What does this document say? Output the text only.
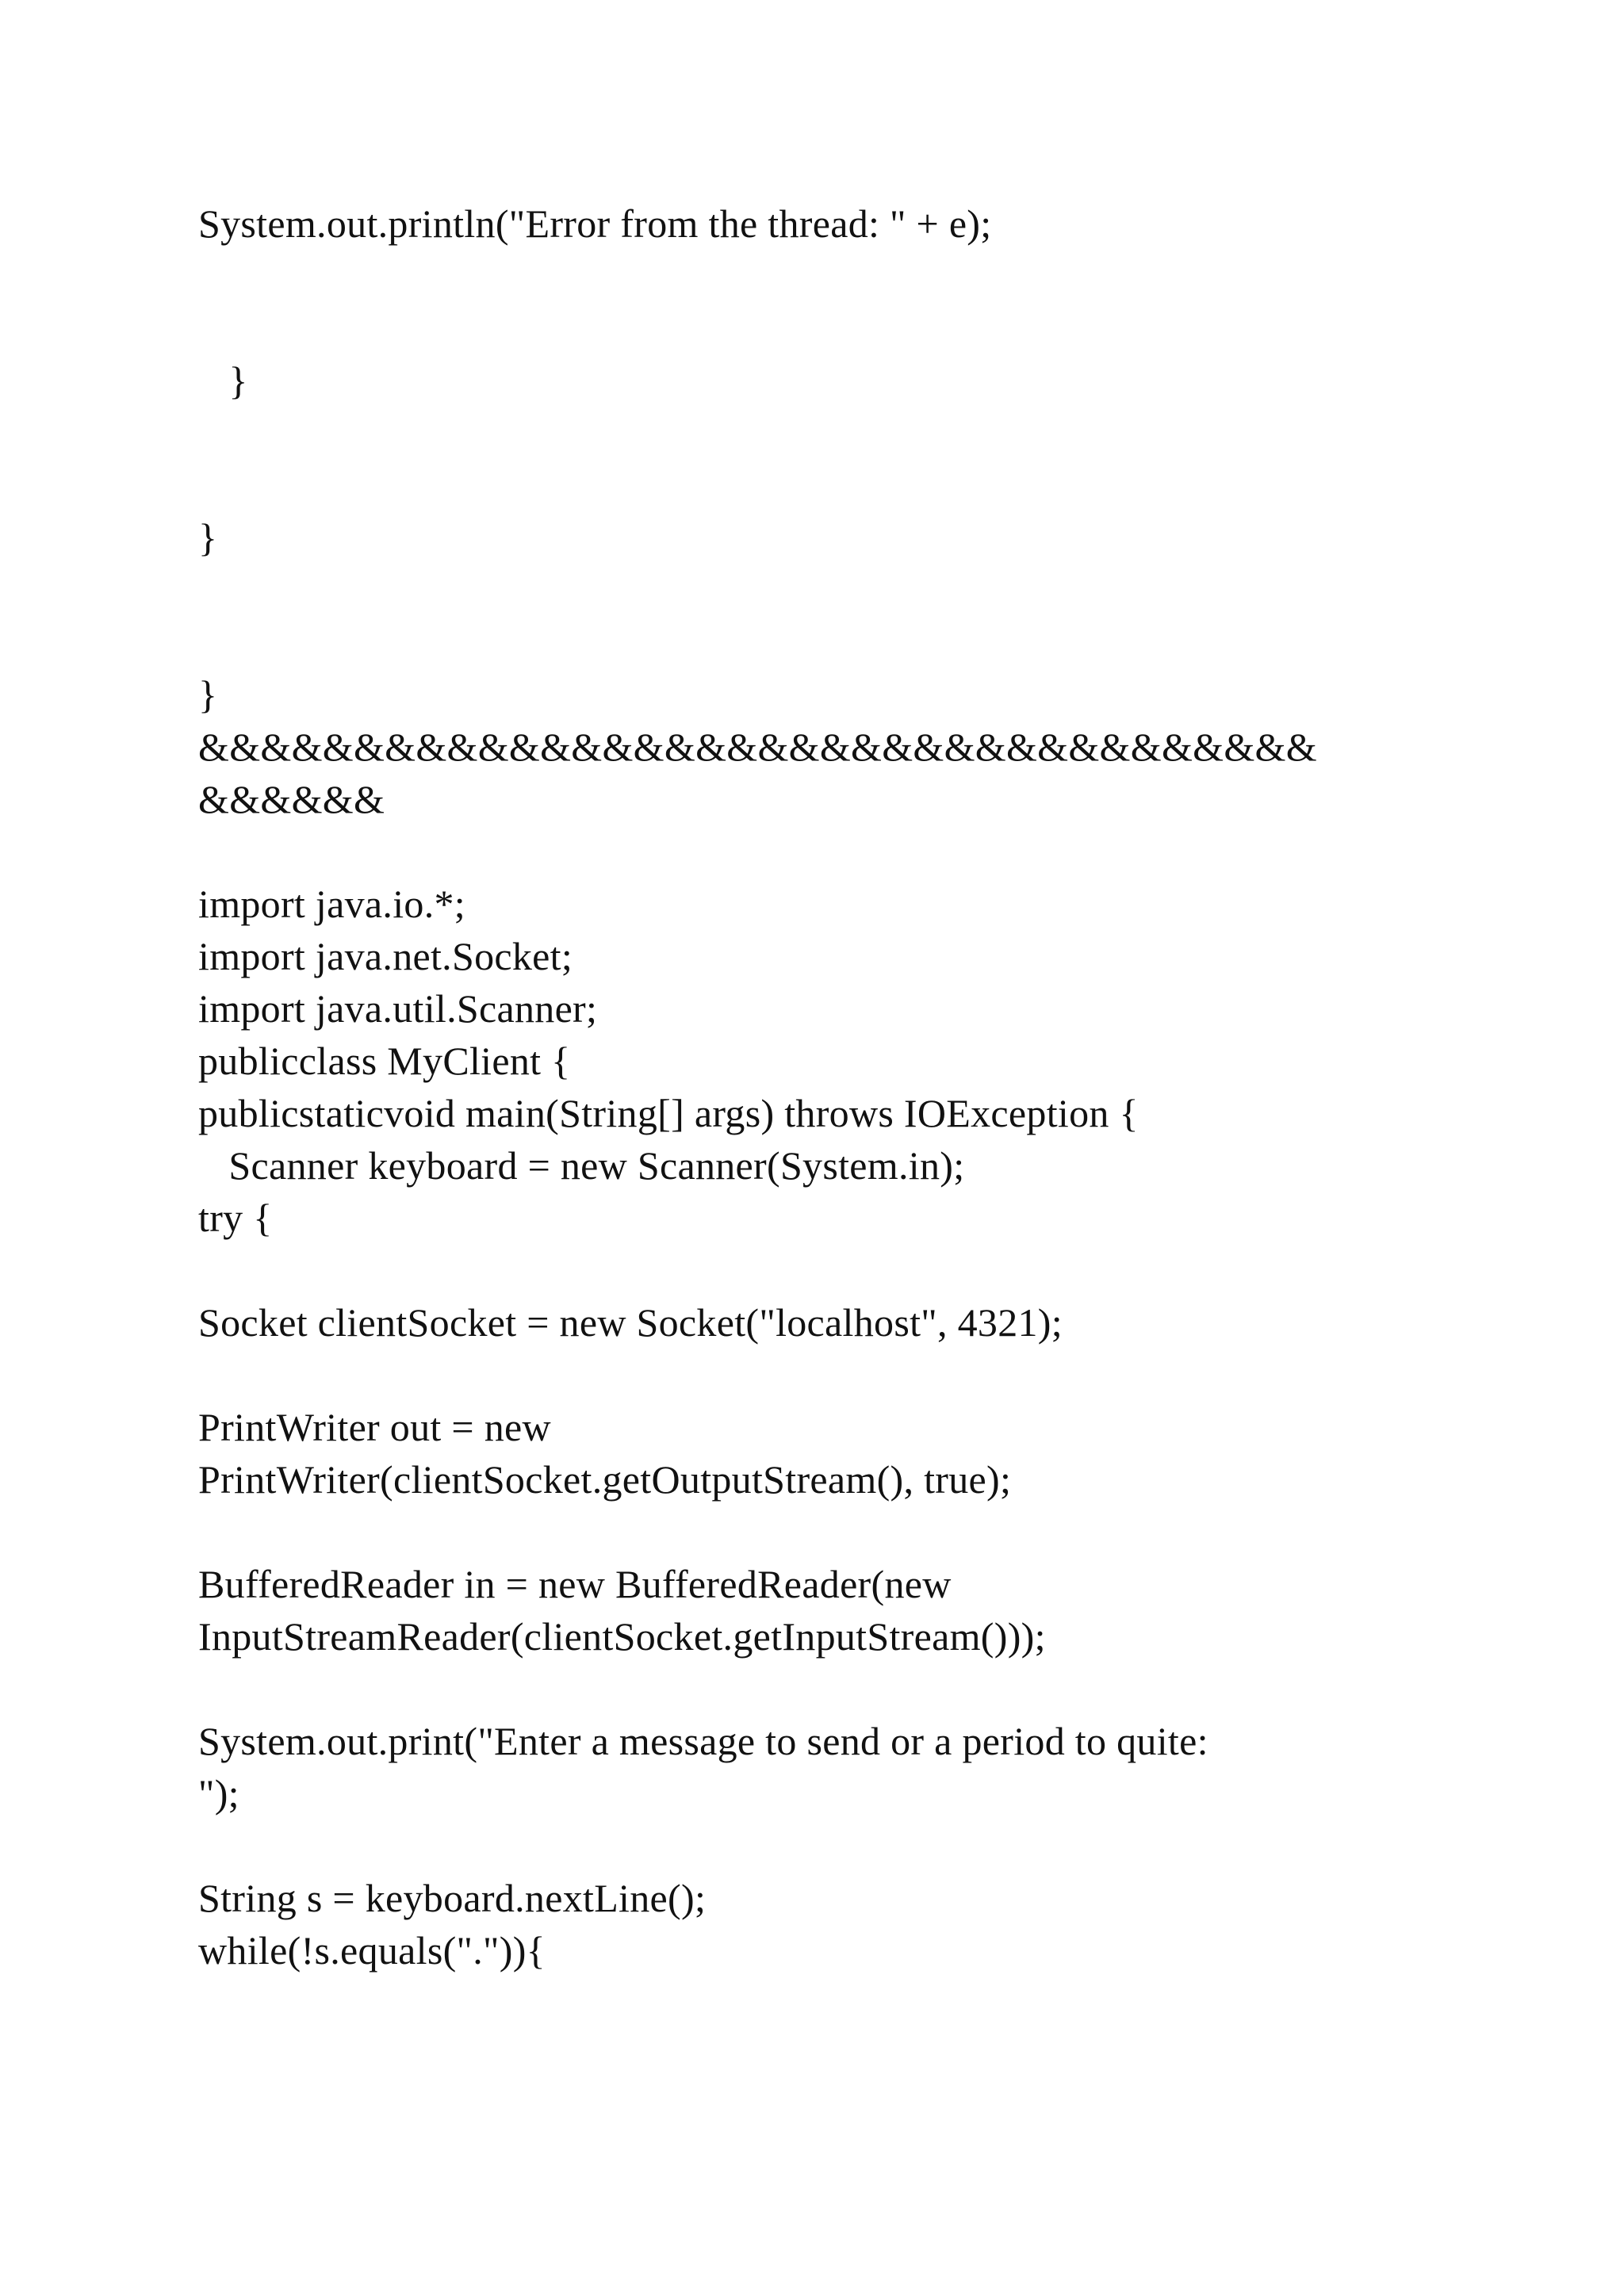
System.out.println("Error from the thread: " + e);
}
}
}
&&&&&&&&&&&&&&&&&&&&&&&&&&&&&&&&&&&&
&&&&&&
import java.io.*;
import java.net.Socket;
import java.util.Scanner;
publicclass MyClient {
publicstaticvoid main(String[] args) throws IOException {
Scanner keyboard = new Scanner(System.in);
try {
Socket clientSocket = new Socket("localhost", 4321);
PrintWriter out = new
PrintWriter(clientSocket.getOutputStream(), true);
BufferedReader in = new BufferedReader(new
InputStreamReader(clientSocket.getInputStream()));
System.out.print("Enter a message to send or a period to quite:
");
String s = keyboard.nextLine();
while(!s.equals(".")){
